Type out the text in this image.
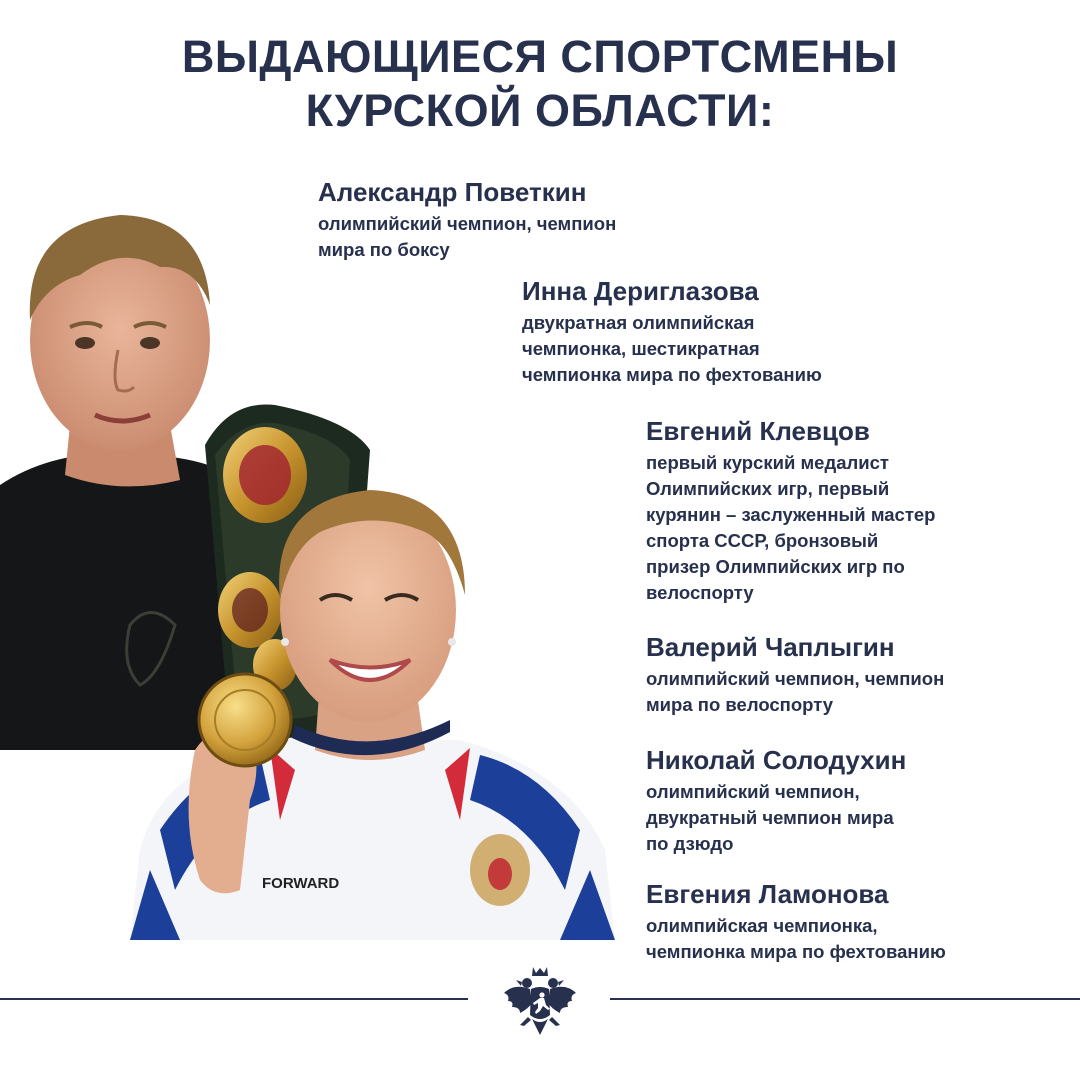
ВЫДАЮЩИЕСЯ СПОРТСМЕНЫ
КУРСКОЙ ОБЛАСТИ:
FORWARD
Александр Поветкин
олимпийский чемпион, чемпион
мира по боксу
Инна Дериглазова
двукратная олимпийская
чемпионка, шестикратная
чемпионка мира по фехтованию
Евгений Клевцов
первый курский медалист
Олимпийских игр, первый
курянин – заслуженный мастер
спорта СССР, бронзовый
призер Олимпийских игр по
велоспорту
Валерий Чаплыгин
олимпийский чемпион, чемпион
мира по велоспорту
Николай Солодухин
олимпийский чемпион,
двукратный чемпион мира
по дзюдо
Евгения Ламонова
олимпийская чемпионка,
чемпионка мира по фехтованию
